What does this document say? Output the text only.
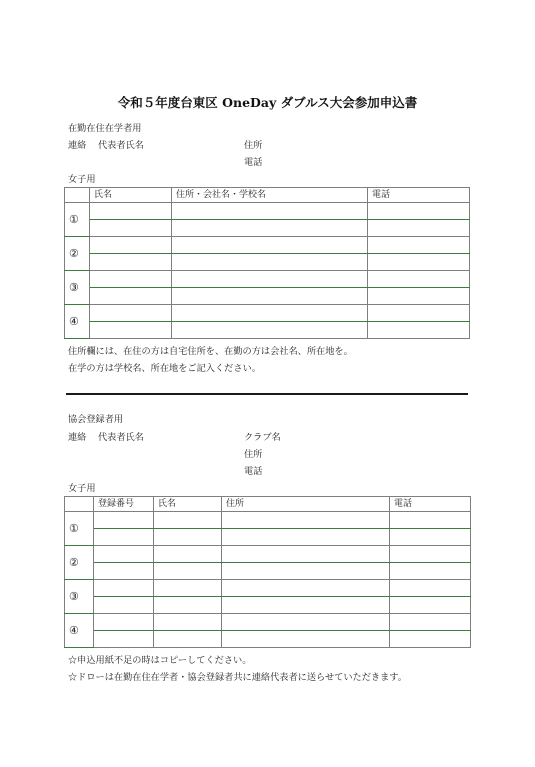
令和５年度台東区 OneDay ダブルス大会参加申込書
在勤在住在学者用
連絡 代表者氏名	住所
電話
女子用
	氏名	住所・会社名・学校名	電話
①			

②			

③			

④			

住所欄には、在住の方は自宅住所を、在勤の方は会社名、所在地を。
在学の方は学校名、所在地をご記入ください。
協会登録者用
連絡 代表者氏名	クラブ名
住所
電話
女子用
	登録番号	氏名	住所	電話
①				

②				

③				

④				

☆申込用紙不足の時はコピーしてください。
☆ドローは在勤在住在学者・協会登録者共に連絡代表者に送らせていただきます。
